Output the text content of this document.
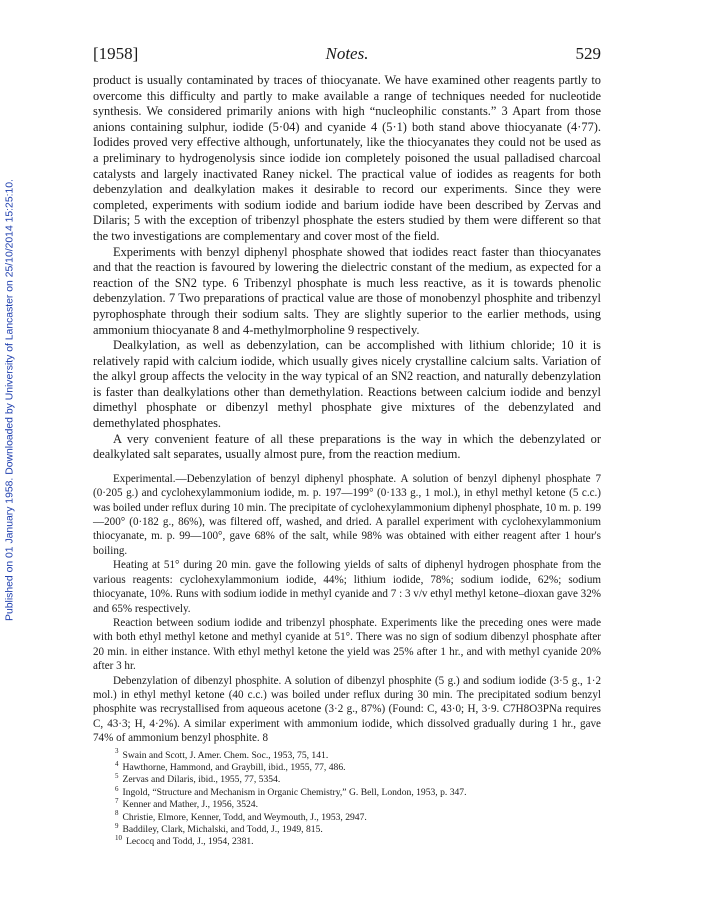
Published on 01 January 1958. Downloaded by University of Lancaster on 25/10/2014 15:25:10.
[1958]	Notes.	529

product is usually contaminated by traces of thiocyanate. We have examined other reagents partly to overcome this difficulty and partly to make available a range of techniques needed for nucleotide synthesis. We considered primarily anions with high “nucleophilic constants.” 3 Apart from those anions containing sulphur, iodide (5·04) and cyanide 4 (5·1) both stand above thiocyanate (4·77). Iodides proved very effective although, unfortunately, like the thiocyanates they could not be used as a preliminary to hydrogenolysis since iodide ion completely poisoned the usual palladised charcoal catalysts and largely inactivated Raney nickel. The practical value of iodides as reagents for both debenzylation and dealkylation makes it desirable to record our experiments. Since they were completed, experiments with sodium iodide and barium iodide have been described by Zervas and Dilaris; 5 with the exception of tribenzyl phosphate the esters studied by them were different so that the two investigations are complementary and cover most of the field.

Experiments with benzyl diphenyl phosphate showed that iodides react faster than thiocyanates and that the reaction is favoured by lowering the dielectric constant of the medium, as expected for a reaction of the SN2 type. 6 Tribenzyl phosphate is much less reactive, as it is towards phenolic debenzylation. 7 Two preparations of practical value are those of monobenzyl phosphite and tribenzyl pyrophosphate through their sodium salts. They are slightly superior to the earlier methods, using ammonium thiocyanate 8 and 4-methylmorpholine 9 respectively.

Dealkylation, as well as debenzylation, can be accomplished with lithium chloride; 10 it is relatively rapid with calcium iodide, which usually gives nicely crystalline calcium salts. Variation of the alkyl group affects the velocity in the way typical of an SN2 reaction, and naturally debenzylation is faster than dealkylations other than demethylation. Reactions between calcium iodide and benzyl dimethyl phosphate or dibenzyl methyl phosphate give mixtures of the debenzylated and demethylated phosphates.

A very convenient feature of all these preparations is the way in which the debenzylated or dealkylated salt separates, usually almost pure, from the reaction medium.

Experimental.—Debenzylation of benzyl diphenyl phosphate. A solution of benzyl diphenyl phosphate 7 (0·205 g.) and cyclohexylammonium iodide, m. p. 197—199° (0·133 g., 1 mol.), in ethyl methyl ketone (5 c.c.) was boiled under reflux during 10 min. The precipitate of cyclohexylammonium diphenyl phosphate, 10 m. p. 199—200° (0·182 g., 86%), was filtered off, washed, and dried. A parallel experiment with cyclohexylammonium thiocyanate, m. p. 99—100°, gave 68% of the salt, while 98% was obtained with either reagent after 1 hour's boiling.

Heating at 51° during 20 min. gave the following yields of salts of diphenyl hydrogen phosphate from the various reagents: cyclohexylammonium iodide, 44%; lithium iodide, 78%; sodium iodide, 62%; sodium thiocyanate, 10%. Runs with sodium iodide in methyl cyanide and 7 : 3 v/v ethyl methyl ketone–dioxan gave 32% and 65% respectively.

Reaction between sodium iodide and tribenzyl phosphate. Experiments like the preceding ones were made with both ethyl methyl ketone and methyl cyanide at 51°. There was no sign of sodium dibenzyl phosphate after 20 min. in either instance. With ethyl methyl ketone the yield was 25% after 1 hr., and with methyl cyanide 20% after 3 hr.

Debenzylation of dibenzyl phosphite. A solution of dibenzyl phosphite (5 g.) and sodium iodide (3·5 g., 1·2 mol.) in ethyl methyl ketone (40 c.c.) was boiled under reflux during 30 min. The precipitated sodium benzyl phosphite was recrystallised from aqueous acetone (3·2 g., 87%) (Found: C, 43·0; H, 3·9. C7H8O3PNa requires C, 43·3; H, 4·2%). A similar experiment with ammonium iodide, which dissolved gradually during 1 hr., gave 74% of ammonium benzyl phosphite. 8

$^3$ Swain and Scott, J. Amer. Chem. Soc., 1953, 75, 141.
$^4$ Hawthorne, Hammond, and Graybill, ibid., 1955, 77, 486.
$^5$ Zervas and Dilaris, ibid., 1955, 77, 5354.
$^6$ Ingold, “Structure and Mechanism in Organic Chemistry,” G. Bell, London, 1953, p. 347.
$^7$ Kenner and Mather, J., 1956, 3524.
$^8$ Christie, Elmore, Kenner, Todd, and Weymouth, J., 1953, 2947.
$^9$ Baddiley, Clark, Michalski, and Todd, J., 1949, 815.
$^{10}$ Lecocq and Todd, J., 1954, 2381.
